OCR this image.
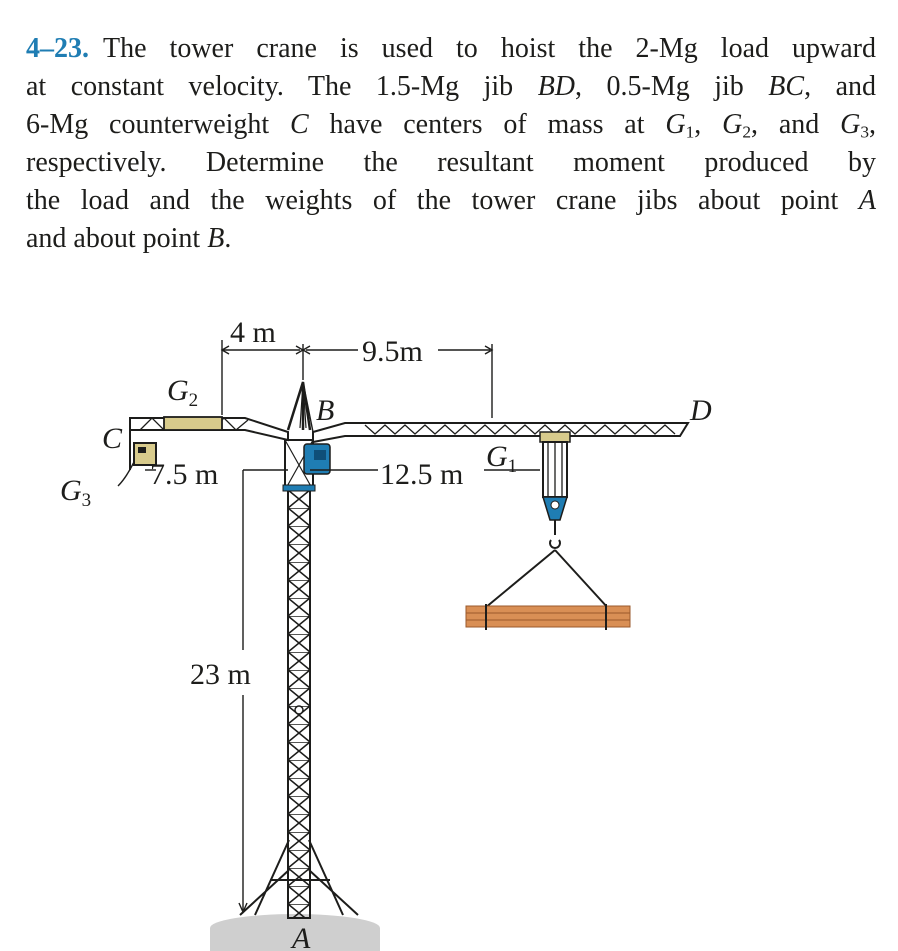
4–23. The tower crane is used to hoist the 2-Mg load upward
at constant velocity. The 1.5-Mg jib BD, 0.5-Mg jib BC, and
6-Mg counterweight C have centers of mass at $G_1$, $G_2$, and $G_3$,
respectively. Determine the resultant moment produced by
the load and the weights of the tower crane jibs about point A
and about point B.
4 m
9.5m
7.5 m	12.5 m
23 m
$G_2$
$G_1$
$G_3$
B
C
D
A
